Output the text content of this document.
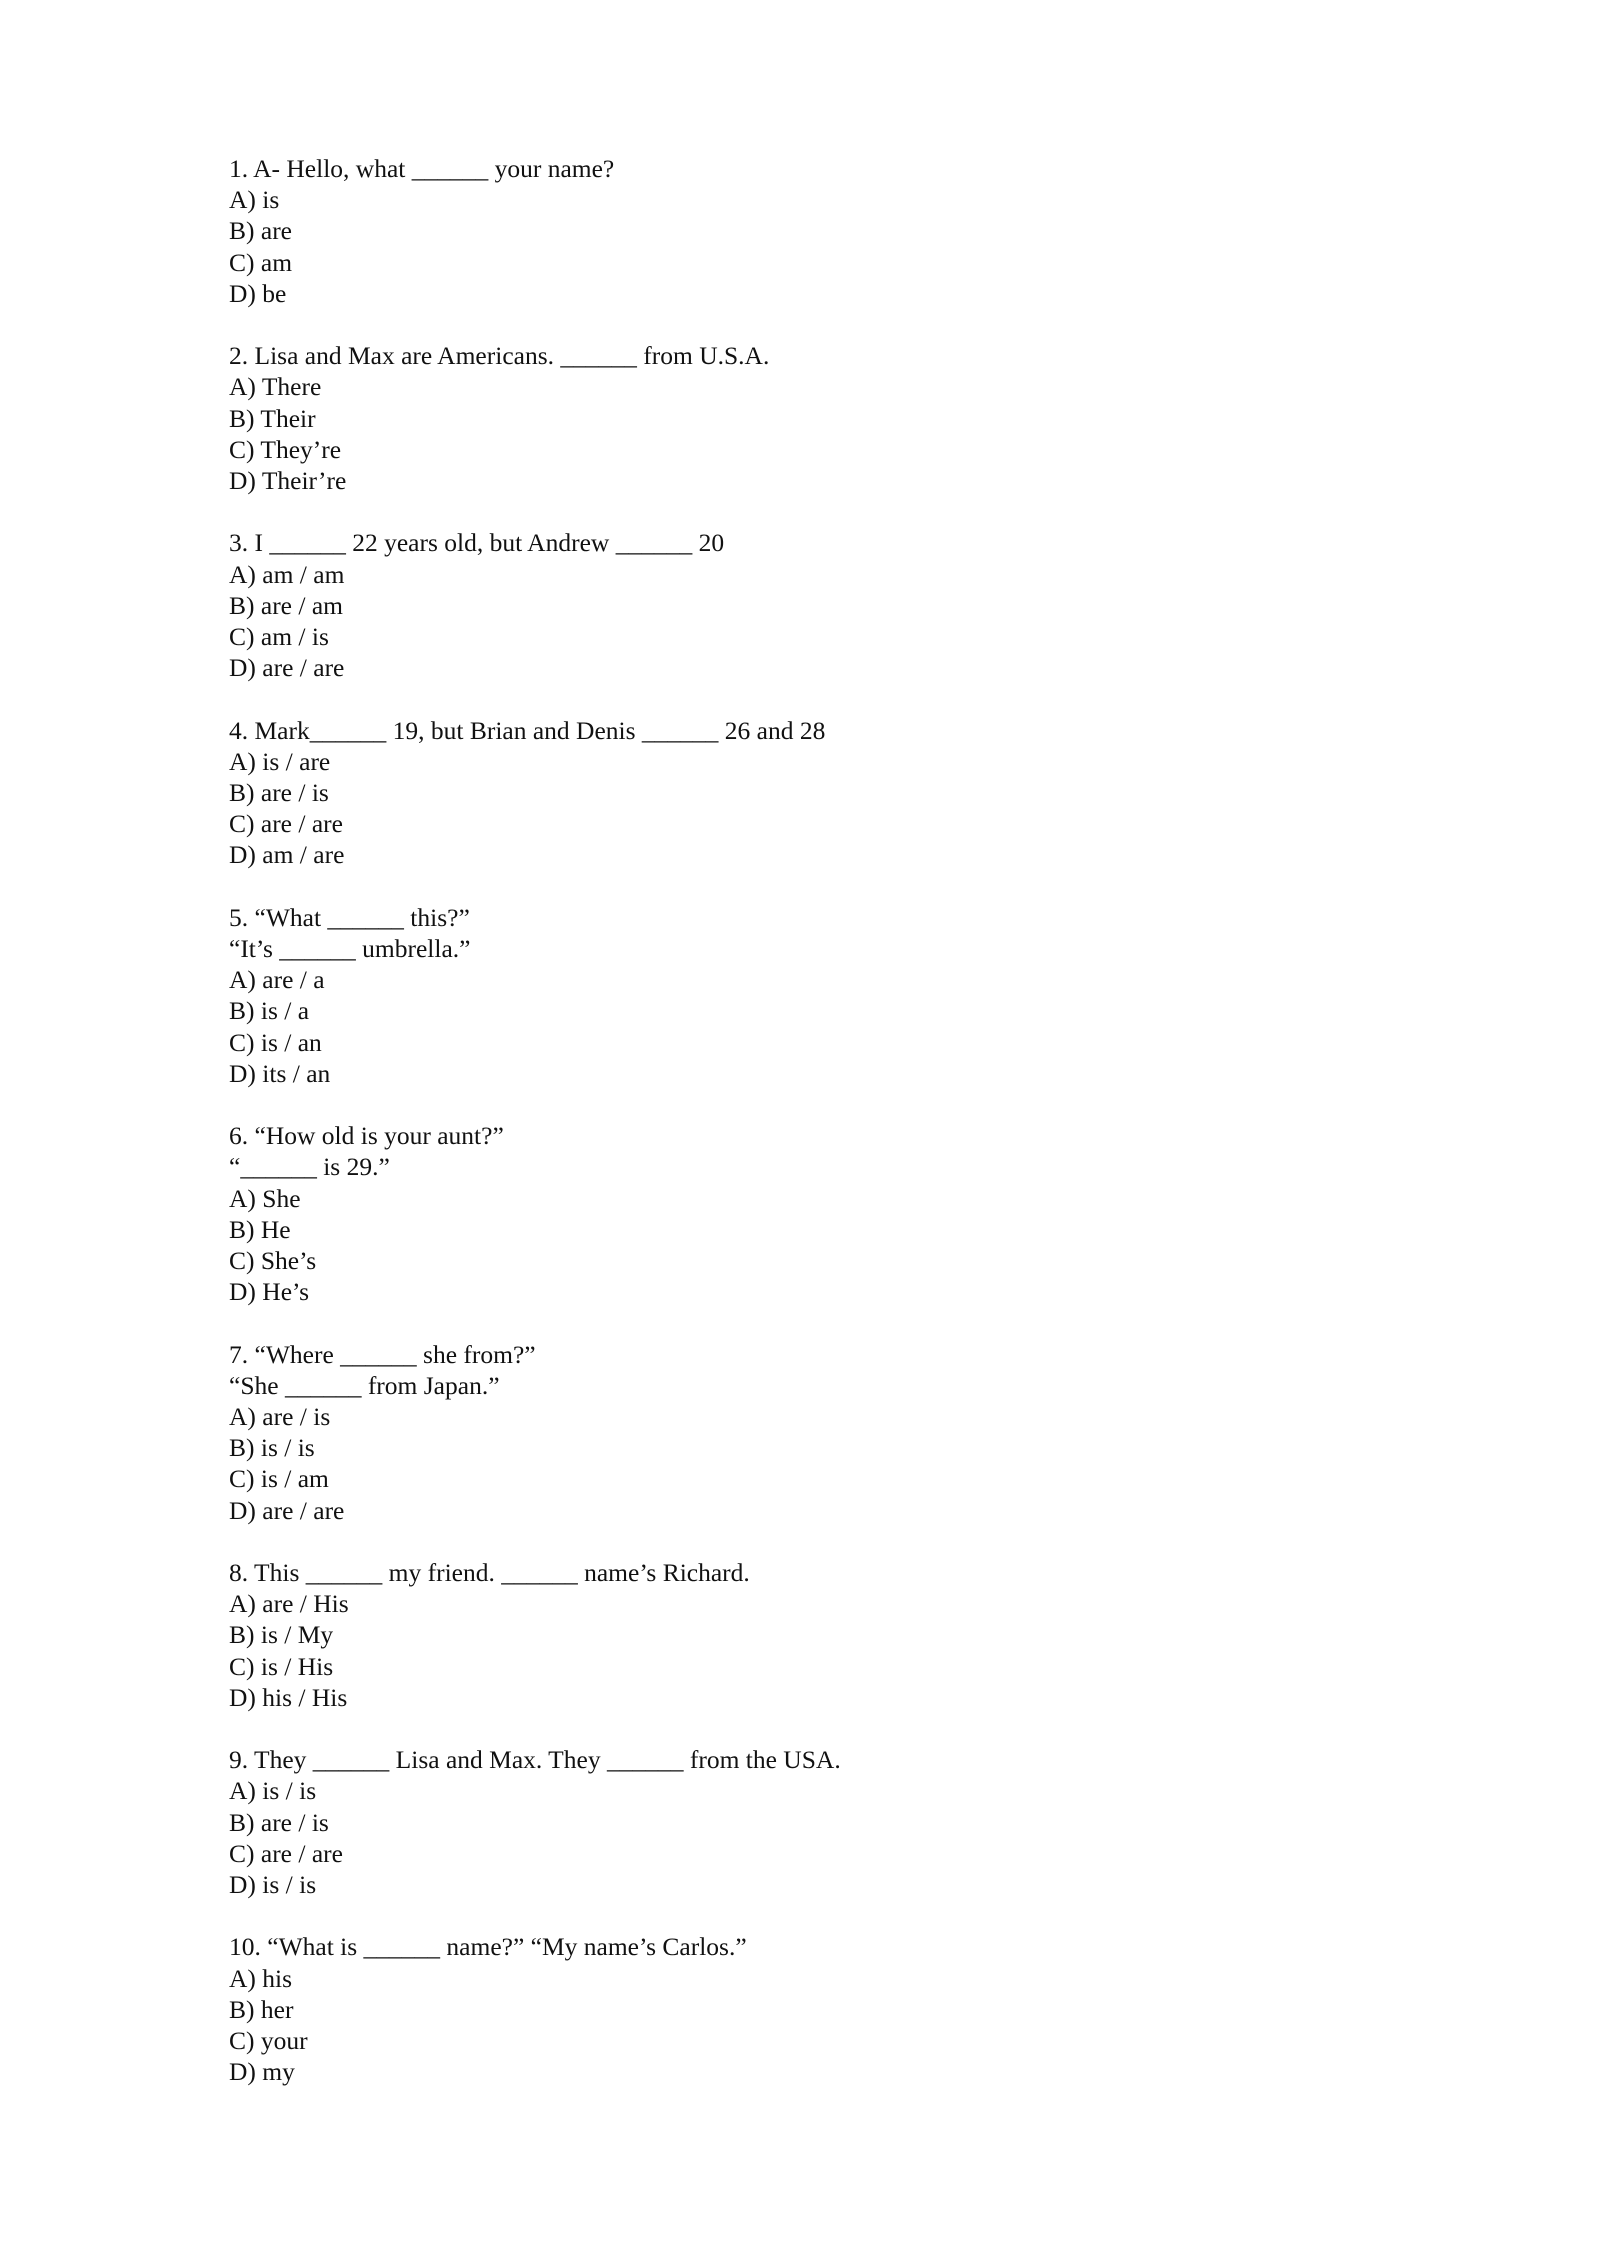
1. A- Hello, what ______ your name?
A) is
B) are
C) am
D) be
2. Lisa and Max are Americans. ______ from U.S.A.
A) There
B) Their
C) They’re
D) Their’re
3. I ______ 22 years old, but Andrew ______ 20
A) am / am
B) are / am
C) am / is
D) are / are
4. Mark______ 19, but Brian and Denis ______ 26 and 28
A) is / are
B) are / is
C) are / are
D) am / are
5. “What ______ this?”
“It’s ______ umbrella.”
A) are / a
B) is / a
C) is / an
D) its / an
6. “How old is your aunt?”
“______ is 29.”
A) She
B) He
C) She’s
D) He’s
7. “Where ______ she from?”
“She ______ from Japan.”
A) are / is
B) is / is
C) is / am
D) are / are
8. This ______ my friend. ______ name’s Richard.
A) are / His
B) is / My
C) is / His
D) his / His
9. They ______ Lisa and Max. They ______ from the USA.
A) is / is
B) are / is
C) are / are
D) is / is
10. “What is ______ name?” “My name’s Carlos.”
A) his
B) her
C) your
D) my
